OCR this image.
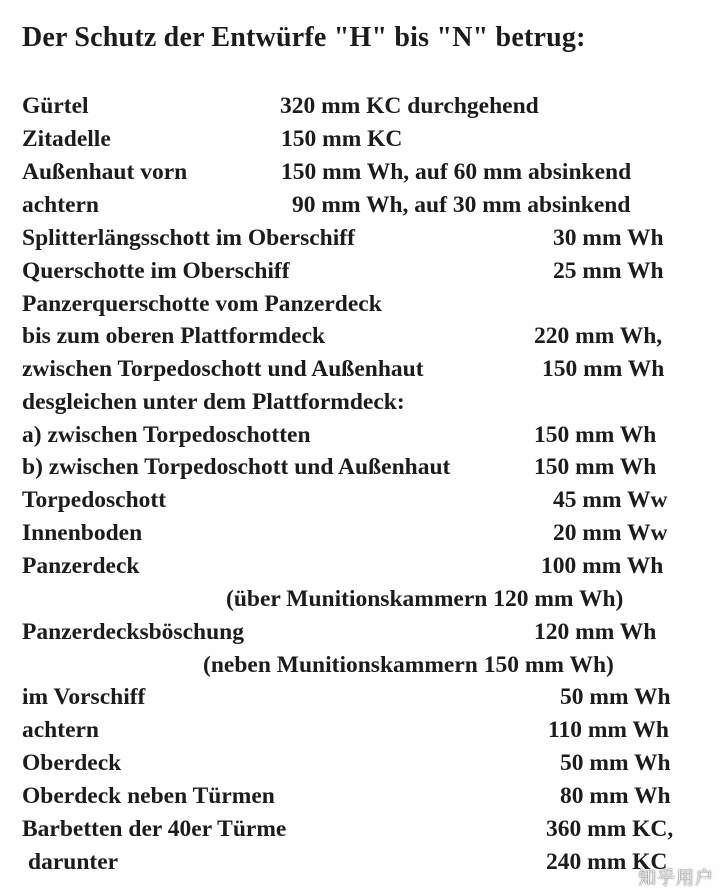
Der Schutz der Entwürfe "H" bis "N" betrug:
Gürtel	320 mm KC durchgehend
Zitadelle	150 mm KC
Außenhaut vorn	150 mm Wh, auf 60 mm absinkend
achtern	90 mm Wh, auf 30 mm absinkend
Splitterlängsschott im Oberschiff	30 mm Wh
Querschotte im Oberschiff	25 mm Wh
Panzerquerschotte vom Panzerdeck
bis zum oberen Plattformdeck	220 mm Wh,
zwischen Torpedoschott und Außenhaut	150 mm Wh
desgleichen unter dem Plattformdeck:
a) zwischen Torpedoschotten	150 mm Wh
b) zwischen Torpedoschott und Außenhaut	150 mm Wh
Torpedoschott	45 mm Ww
Innenboden	20 mm Ww
Panzerdeck	100 mm Wh
(über Munitionskammern 120 mm Wh)
Panzerdecksböschung	120 mm Wh
(neben Munitionskammern 150 mm Wh)
im Vorschiff	50 mm Wh
achtern	110 mm Wh
Oberdeck	50 mm Wh
Oberdeck neben Türmen	80 mm Wh
Barbetten der 40er Türme	360 mm KC,
darunter	240 mm KC
知乎用户
